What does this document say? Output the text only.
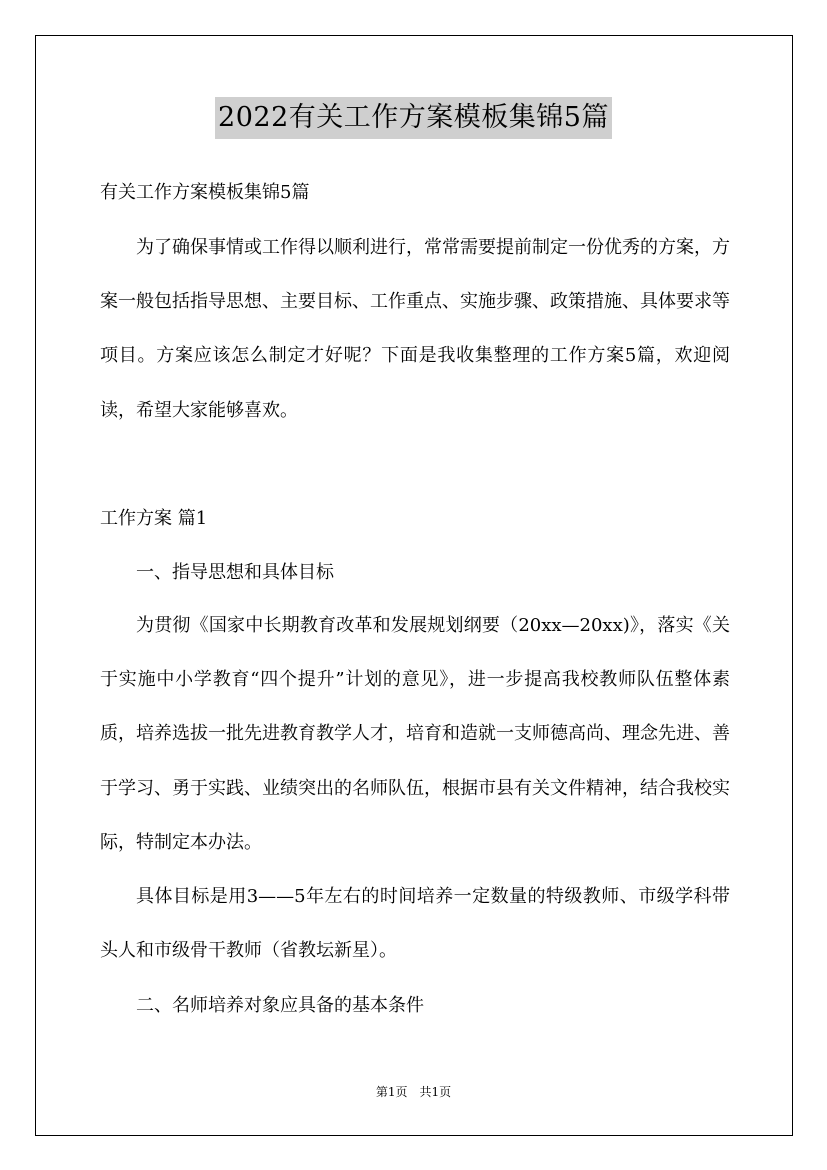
2022有关工作方案模板集锦5篇
有关工作方案模板集锦5篇

为了确保事情或工作得以顺利进行，常常需要提前制定一份优秀的方案，方案一般包括指导思想、主要目标、工作重点、实施步骤、政策措施、具体要求等项目。方案应该怎么制定才好呢？下面是我收集整理的工作方案5篇，欢迎阅读，希望大家能够喜欢。

工作方案 篇1
一、指导思想和具体目标

为贯彻《国家中长期教育改革和发展规划纲要（20xx—20xx)》，落实《关于实施中小学教育“四个提升”计划的意见》，进一步提高我校教师队伍整体素质，培养选拔一批先进教育教学人才，培育和造就一支师德高尚、理念先进、善于学习、勇于实践、业绩突出的名师队伍，根据市县有关文件精神，结合我校实际，特制定本办法。

具体目标是用3——5年左右的时间培养一定数量的特级教师、市级学科带头人和市级骨干教师（省教坛新星）。

二、名师培养对象应具备的基本条件
第1页　共1页
